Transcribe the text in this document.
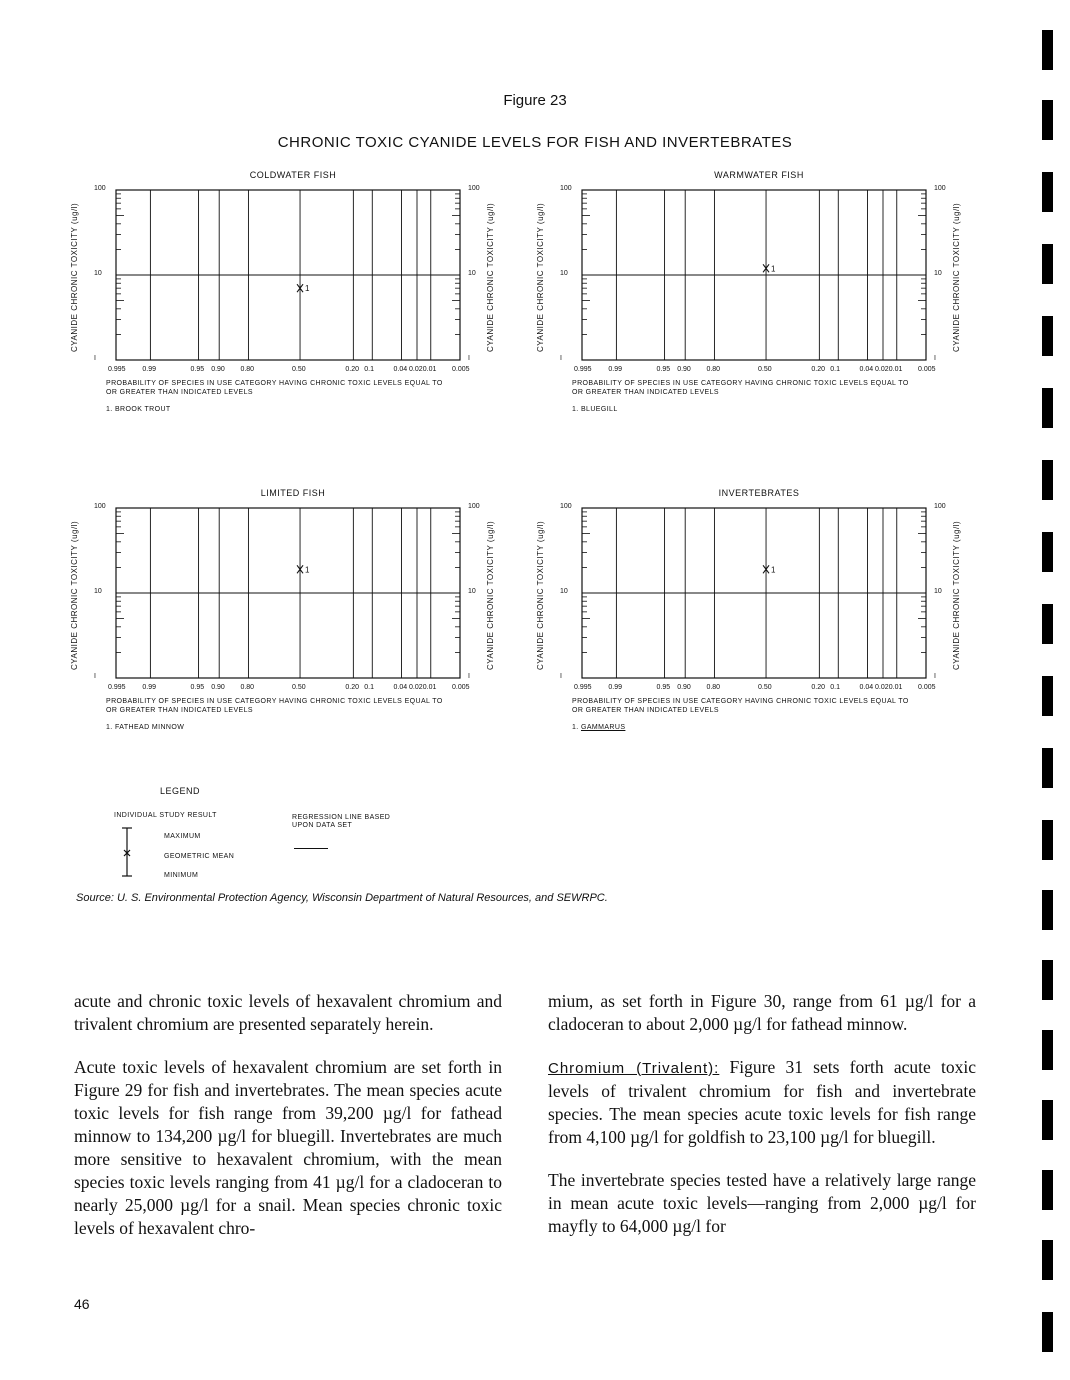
Figure 23
CHRONIC TOXIC CYANIDE LEVELS FOR FISH AND INVERTEBRATES
COLDWATER FISH
1
100	100
10	10
I	I
CYANIDE CHRONIC TOXICITY (ug/l)	CYANIDE CHRONIC TOXICITY (ug/l)
0.995 0.99	0.95 0.90 0.80	0.50	0.20 0.1	0.04 0.02 0.01 0.005
PROBABILITY OF SPECIES IN USE CATEGORY HAVING CHRONIC TOXIC LEVELS EQUAL TO
OR GREATER THAN INDICATED LEVELS
1. BROOK TROUT
WARMWATER FISH
1
100	100
10	10
I	I
CYANIDE CHRONIC TOXICITY (ug/l)	CYANIDE CHRONIC TOXICITY (ug/l)
0.995 0.99	0.95 0.90 0.80	0.50	0.20 0.1	0.04 0.02 0.01 0.005
PROBABILITY OF SPECIES IN USE CATEGORY HAVING CHRONIC TOXIC LEVELS EQUAL TO
OR GREATER THAN INDICATED LEVELS
1. BLUEGILL
LIMITED FISH
1
100	100
10	10
I	I
CYANIDE CHRONIC TOXICITY (ug/l)	CYANIDE CHRONIC TOXICITY (ug/l)
0.995 0.99	0.95 0.90 0.80	0.50	0.20 0.1	0.04 0.02 0.01 0.005
PROBABILITY OF SPECIES IN USE CATEGORY HAVING CHRONIC TOXIC LEVELS EQUAL TO
OR GREATER THAN INDICATED LEVELS
1. FATHEAD MINNOW
INVERTEBRATES
1
100	100
10	10
I	I
CYANIDE CHRONIC TOXICITY (ug/l)	CYANIDE CHRONIC TOXICITY (ug/l)
0.995 0.99	0.95 0.90 0.80	0.50	0.20 0.1	0.04 0.02 0.01 0.005
PROBABILITY OF SPECIES IN USE CATEGORY HAVING CHRONIC TOXIC LEVELS EQUAL TO
OR GREATER THAN INDICATED LEVELS
1. GAMMARUS
LEGEND
INDIVIDUAL STUDY RESULT
MAXIMUM
GEOMETRIC MEAN
MINIMUM
REGRESSION LINE BASED
UPON DATA SET
Source: U. S. Environmental Protection Agency, Wisconsin Department of Natural Resources, and SEWRPC.

acute and chronic toxic levels of hexavalent chromium and trivalent chromium are presented separately herein.

Acute toxic levels of hexavalent chromium are set forth in Figure 29 for fish and invertebrates. The mean species acute toxic levels for fish range from 39,200 µg/l for fathead minnow to 134,200 µg/l for bluegill. Invertebrates are much more sensitive to hexavalent chromium, with the mean species toxic levels ranging from 41 µg/l for a cladoceran to nearly 25,000 µg/l for a snail. Mean species chronic toxic levels of hexavalent chro-

mium, as set forth in Figure 30, range from 61 µg/l for a cladoceran to about 2,000 µg/l for fathead minnow.

Chromium (Trivalent): Figure 31 sets forth acute toxic levels of trivalent chromium for fish and invertebrate species. The mean species acute toxic levels for fish range from 4,100 µg/l for goldfish to 23,100 µg/l for bluegill.

The invertebrate species tested have a relatively large range in mean acute toxic levels—ranging from 2,000 µg/l for mayfly to 64,000 µg/l for

46
